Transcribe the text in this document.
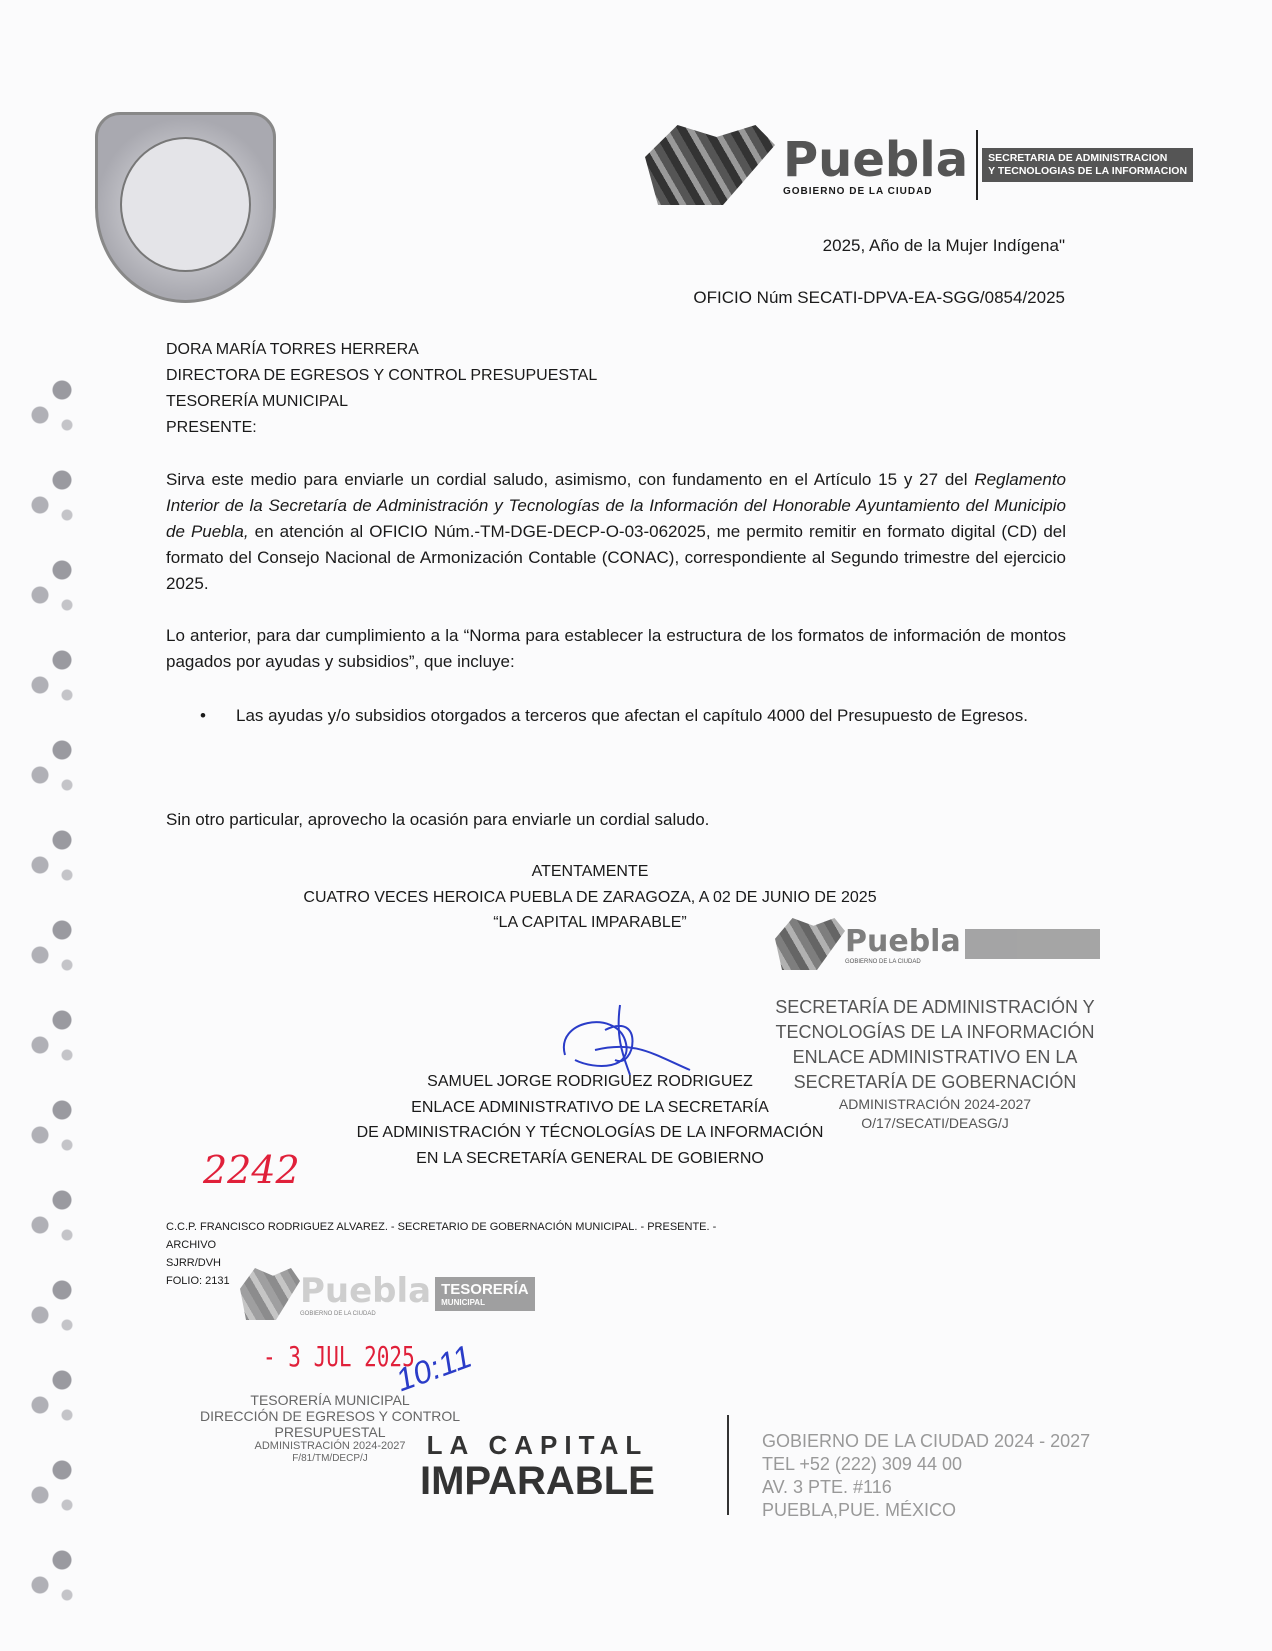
Puebla
GOBIERNO DE LA CIUDAD
SECRETARIA DE ADMINISTRACION
Y TECNOLOGIAS DE LA INFORMACION
2025, Año de la Mujer Indígena"
OFICIO Núm SECATI-DPVA-EA-SGG/0854/2025
DORA MARÍA TORRES HERRERA
DIRECTORA DE EGRESOS Y CONTROL PRESUPUESTAL
TESORERÍA MUNICIPAL
PRESENTE:

Sirva este medio para enviarle un cordial saludo, asimismo, con fundamento en el Artículo 15 y 27 del Reglamento Interior de la Secretaría de Administración y Tecnologías de la Información del Honorable Ayuntamiento del Municipio de Puebla, en atención al OFICIO Núm.-TM-DGE-DECP-O-03-062025, me permito remitir en formato digital (CD) del formato del Consejo Nacional de Armonización Contable (CONAC), correspondiente al Segundo trimestre del ejercicio 2025.

Lo anterior, para dar cumplimiento a la “Norma para establecer la estructura de los formatos de información de montos pagados por ayudas y subsidios”, que incluye:

•	Las ayudas y/o subsidios otorgados a terceros que afectan el capítulo 4000 del Presupuesto de Egresos.

Sin otro particular, aprovecho la ocasión para enviarle un cordial saludo.

ATENTAMENTE
CUATRO VECES HEROICA PUEBLA DE ZARAGOZA, A 02 DE JUNIO DE 2025
“LA CAPITAL IMPARABLE”
Puebla
GOBIERNO DE LA CIUDAD
SECRETARÍA DE ADMINISTRACIÓN Y
TECNOLOGÍAS DE LA INFORMACIÓN
ENLACE ADMINISTRATIVO EN LA
SECRETARÍA DE GOBERNACIÓN
ADMINISTRACIÓN 2024-2027
O/17/SECATI/DEASG/J
SAMUEL JORGE RODRIGUEZ RODRIGUEZ
ENLACE ADMINISTRATIVO DE LA SECRETARÍA
DE ADMINISTRACIÓN Y TÉCNOLOGÍAS DE LA INFORMACIÓN
EN LA SECRETARÍA GENERAL DE GOBIERNO
2242
Puebla
GOBIERNO DE LA CIUDAD
TESORERÍA
MUNICIPAL
C.C.P. FRANCISCO RODRIGUEZ ALVAREZ. - SECRETARIO DE GOBERNACIÓN MUNICIPAL. - PRESENTE. -
ARCHIVO
SJRR/DVH
FOLIO: 2131
- 3 JUL 2025
10:11
TESORERÍA MUNICIPAL
DIRECCIÓN DE EGRESOS Y CONTROL
PRESUPUESTAL
ADMINISTRACIÓN 2024-2027
F/81/TM/DECP/J	LA CAPITAL
IMPARABLE
GOBIERNO DE LA CIUDAD 2024 - 2027
TEL +52 (222) 309 44 00
AV. 3 PTE. #116
PUEBLA,PUE. MÉXICO
